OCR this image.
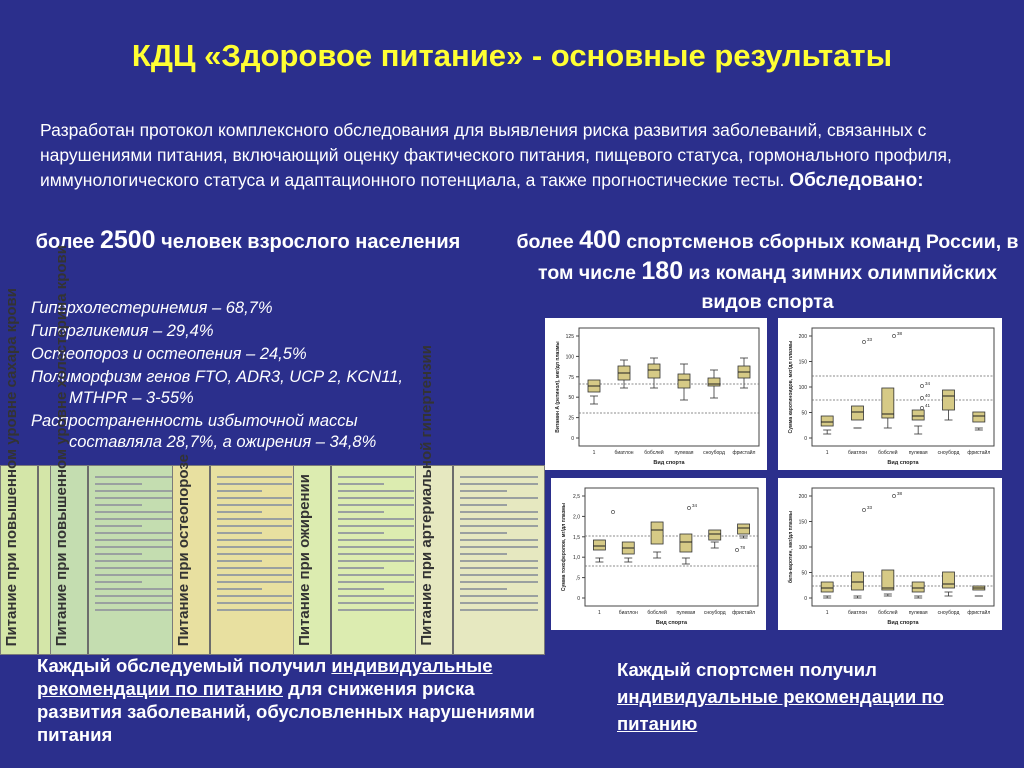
КДЦ «Здоровое питание» - основные результаты
Разработан протокол комплексного обследования для выявления риска развития заболеваний, связанных с нарушениями питания, включающий оценку фактического питания, пищевого статуса, гормонального профиля, иммунологического статуса и адаптационного потенциала, а также прогностические тесты. Обследовано:
более 2500 человек взрослого населения	более 400 спортсменов сборных команд России, в том числе 180 из команд зимних олимпийских видов спорта
Гиперхолестеринемия – 68,7%
Гипергликемия – 29,4%
Остеопороз и остеопения – 24,5%
Полиморфизм генов FTO, ADR3, UCP 2, KCN11,
MTHPR – 3-55%
Распространенность избыточной массы
составляла 28,7%, а ожирения – 34,8%
Питание при повышенном уровне сахара крови	Питание при повышенном уровне холестерина крови	Питание при остеопорозе	Питание при ожирении	Питание при артериальной гипертензии	0
25
50
75
100
125
Витамин А (ретинол), мкг/дл плазмы
1	биатлон бобслей пулевая сноуборд фристайл
Вид спорта
0
50
100
150
200
Сумма каротиноидов, мкг/дл плазмы
1	биатлон бобслей пулевая сноуборд фристайл
33
38
34
40
41
Вид спорта
0
,5
1,0
1,5
2,0
2,5
Сумма токоферолов, мг/дл плазмы
1	биатлон бобслей пулевая сноуборд фристайл
34
78
Вид спорта
0
50
100
150
200
бета-каротин, мкг/дл плазмы
1	биатлон бобслей пулевая сноуборд фристайл
33
38
Вид спорта
Каждый обследуемый получил индивидуальные рекомендации по питанию для снижения риска развития заболеваний, обусловленных нарушениями питания
Каждый спортсмен получил
индивидуальные рекомендации по питанию
